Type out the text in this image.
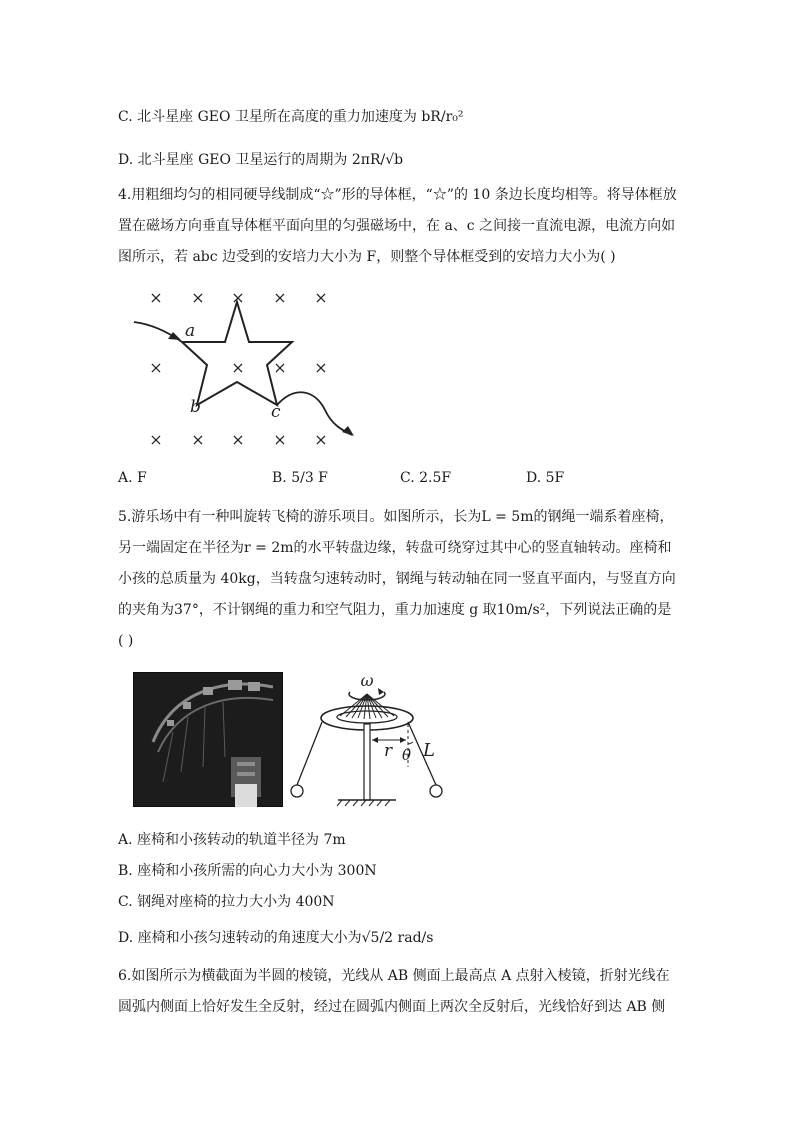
C. 北斗星座 GEO 卫星所在高度的重力加速度为 bR/r₀²
D. 北斗星座 GEO 卫星运行的周期为 2πR/√b
4.用粗细均匀的相同硬导线制成“☆”形的导体框，“☆”的 10 条边长度均相等。将导体框放
置在磁场方向垂直导体框平面向里的匀强磁场中，在 a、c 之间接一直流电源，电流方向如
图所示，若 abc 边受到的安培力大小为 F，则整个导体框受到的安培力大小为( )
× × × × ×
×	× × ×
× × × × ×
a
b	c
A. F	B. 5/3 F	C. 2.5F	D. 5F
5.游乐场中有一种叫旋转飞椅的游乐项目。如图所示，长为L = 5m的钢绳一端系着座椅，
另一端固定在半径为r = 2m的水平转盘边缘，转盘可绕穿过其中心的竖直轴转动。座椅和
小孩的总质量为 40kg，当转盘匀速转动时，钢绳与转动轴在同一竖直平面内，与竖直方向
的夹角为37°，不计钢绳的重力和空气阻力，重力加速度 g 取10m/s²，下列说法正确的是
( )
ω
r θ L
A. 座椅和小孩转动的轨道半径为 7m
B. 座椅和小孩所需的向心力大小为 300N
C. 钢绳对座椅的拉力大小为 400N
D. 座椅和小孩匀速转动的角速度大小为√5/2 rad/s
6.如图所示为横截面为半圆的棱镜，光线从 AB 侧面上最高点 A 点射入棱镜，折射光线在
圆弧内侧面上恰好发生全反射，经过在圆弧内侧面上两次全反射后，光线恰好到达 AB 侧
